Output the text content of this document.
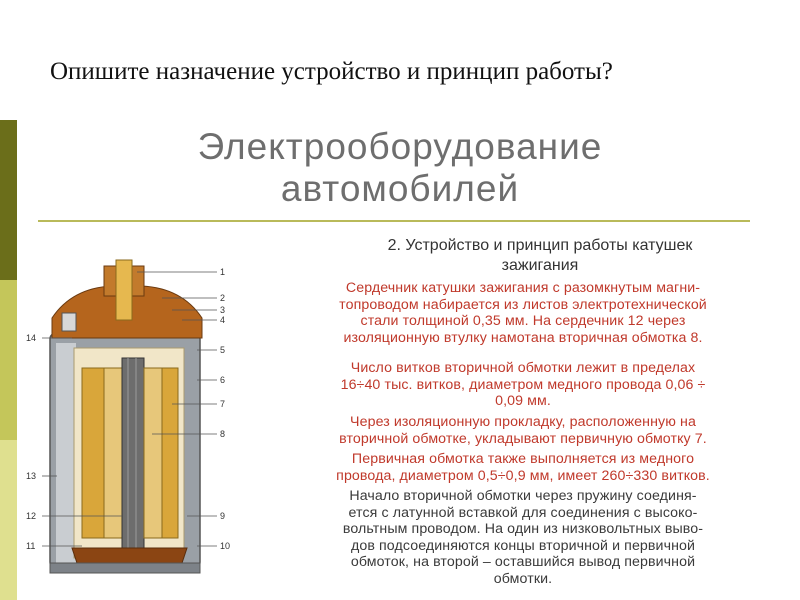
Опишите назначение устройство и принцип работы?
Электрооборудование
автомобилей
2. Устройство и принцип работы катушек
зажигания
Сердечник катушки зажигания с разомкнутым магни-
топроводом набирается из листов электротехнической
стали толщиной 0,35 мм. На сердечник 12 через
изоляционную втулку намотана вторичная обмотка 8.
Число витков вторичной обмотки лежит в пределах
16÷40 тыс. витков, диаметром медного провода 0,06 ÷
0,09 мм.
Через изоляционную прокладку, расположенную на
вторичной обмотке, укладывают первичную обмотку 7.
Первичная обмотка также выполняется из медного
провода, диаметром 0,5÷0,9 мм, имеет 260÷330 витков.
Начало вторичной обмотки через пружину соединя-
ется с латунной вставкой для соединения с высоко-
вольтным проводом. На один из низковольтных выво-
дов подсоединяются концы вторичной и первичной
обмоток, на второй – оставшийся вывод первичной
обмотки.
1
2
3
4
5
6
7
8
9
10
14
13
12
11
